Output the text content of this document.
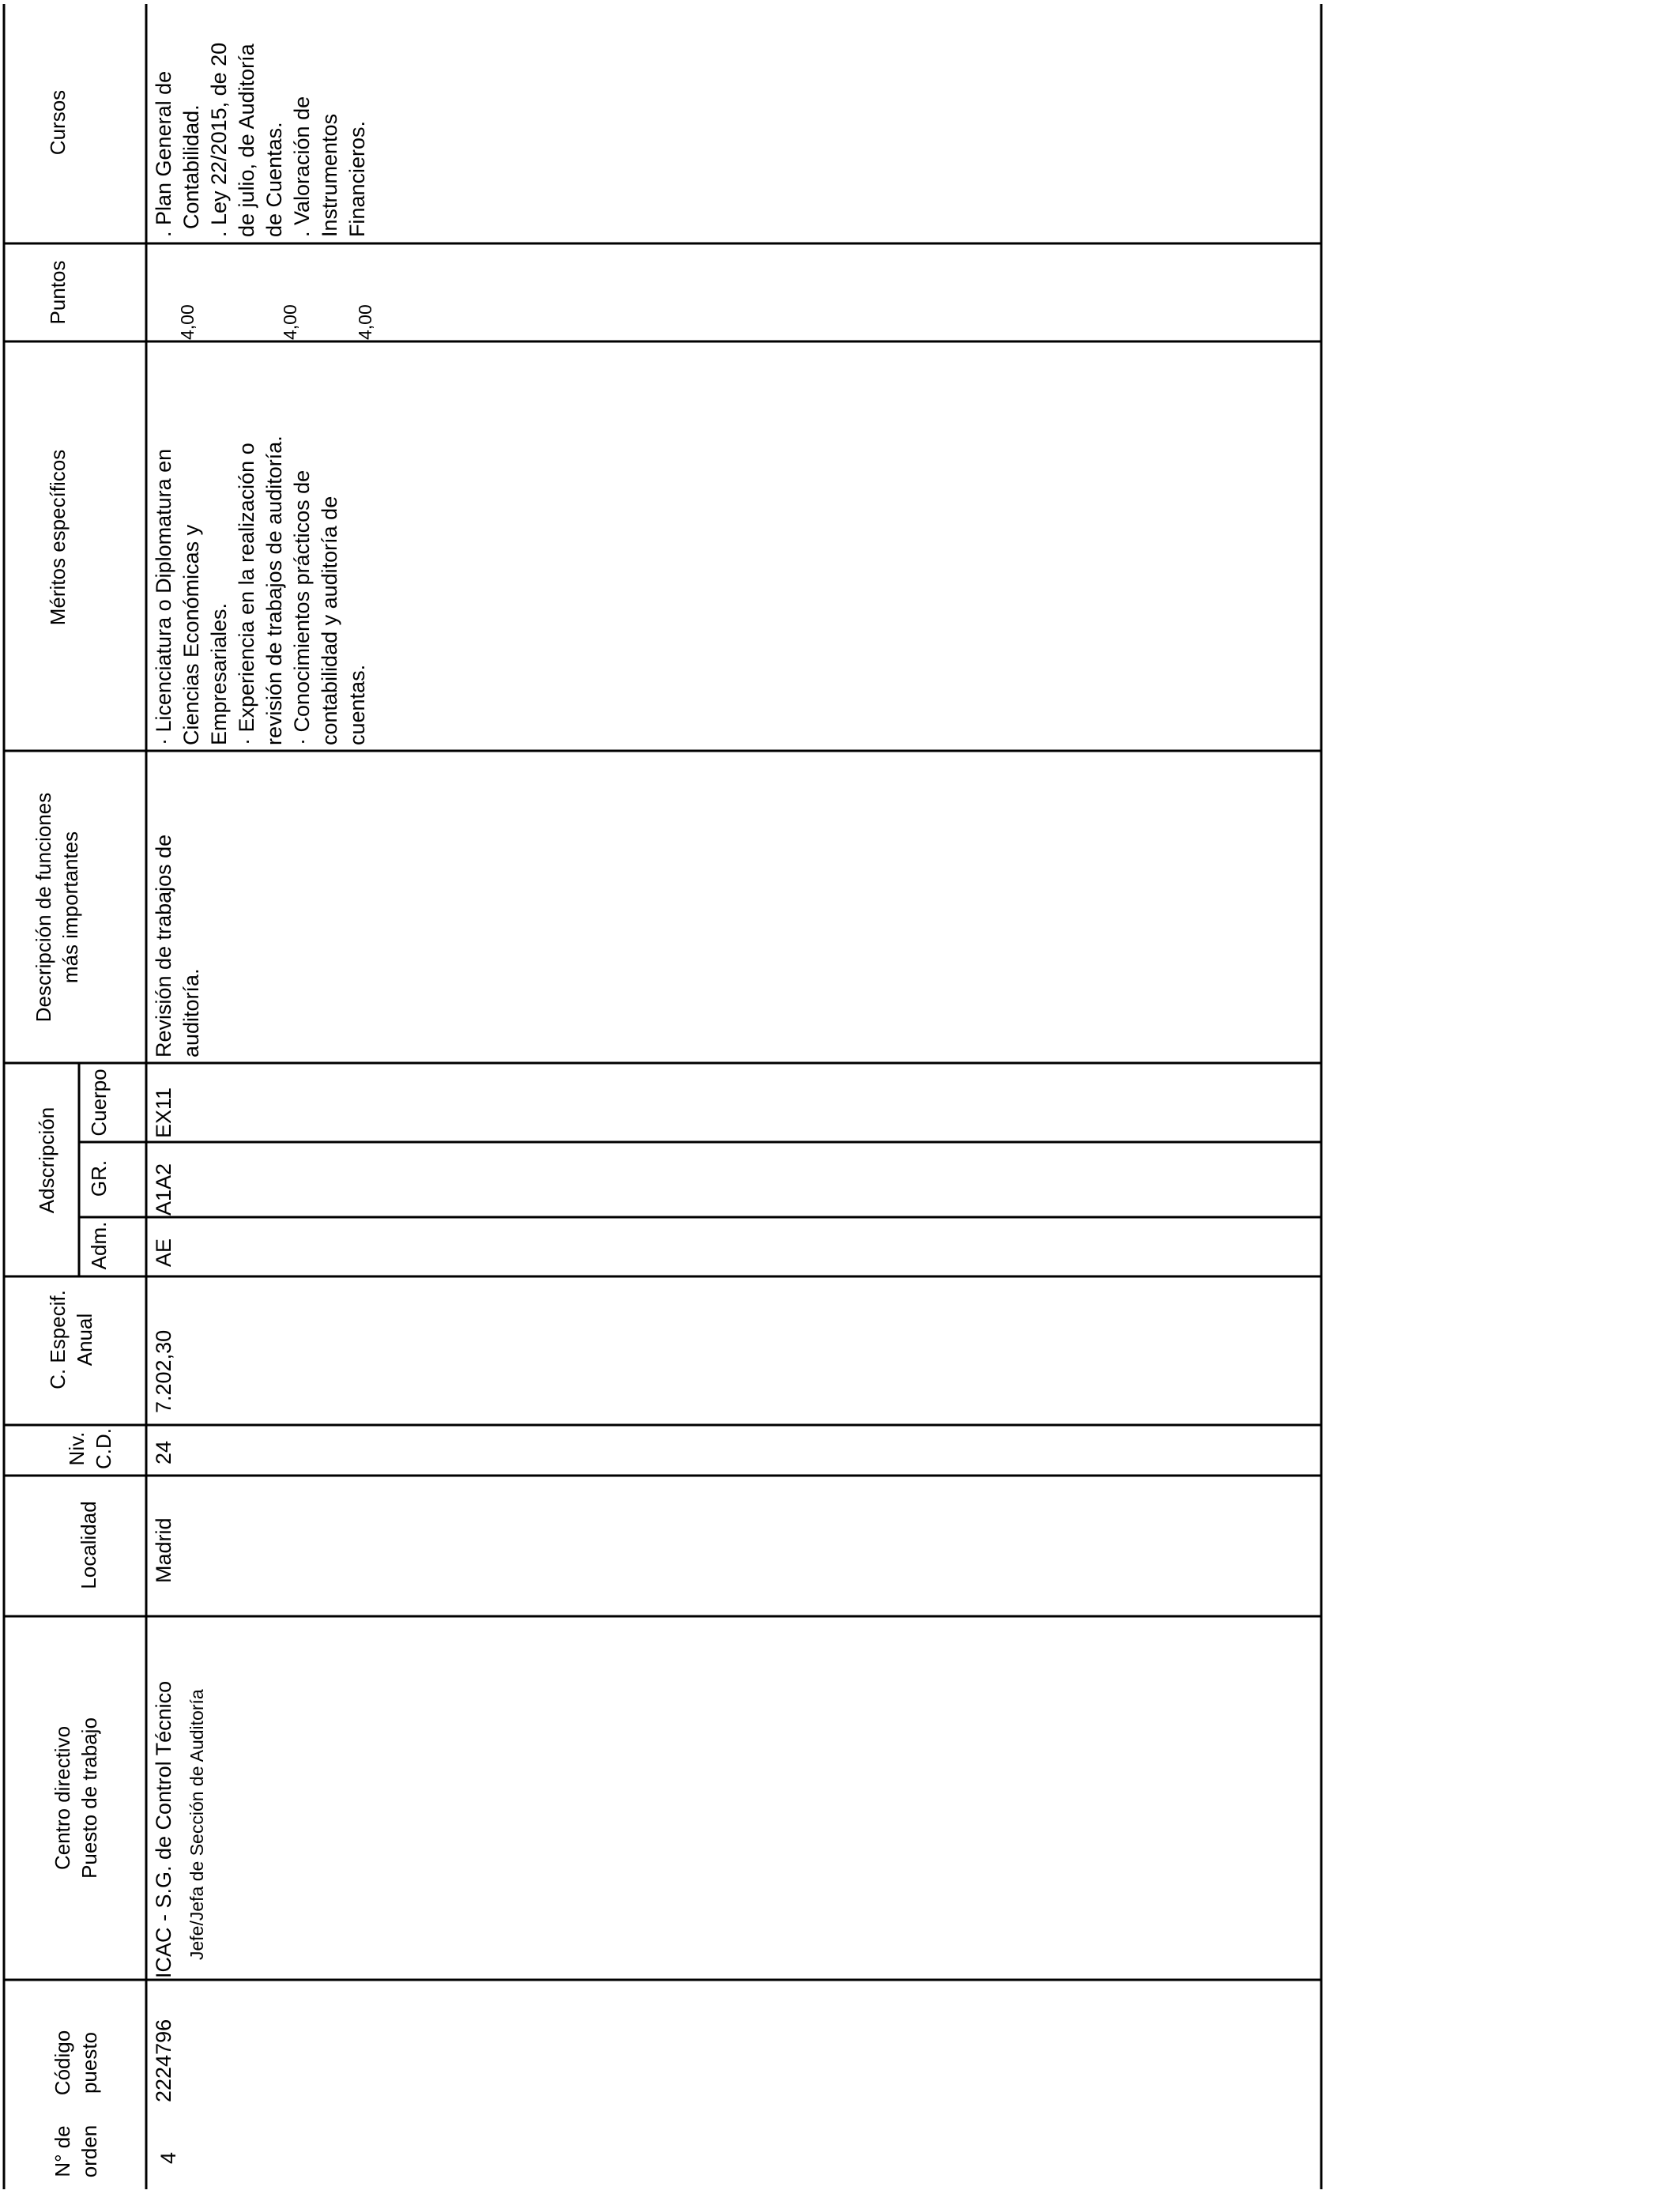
Cursos
Puntos
Méritos específicos
Descripción de funciones más importantes
Adscripción
Cuerpo
GR.
Adm.
C. Especif. Anual
Niv. C.D.
Localidad
Centro directivo Puesto de trabajo
Código puesto
N° de orden
. Plan General de Contabilidad. . Ley 22/2015, de 20 de julio, de Auditoría de Cuentas. . Valoración de Instrumentos Financieros.
4,00	4,00	4,00
· Licenciatura o Diplomatura en Ciencias Económicas y Empresariales. · Experiencia en la realización o revisión de trabajos de auditoría. · Conocimientos prácticos de contabilidad y auditoría de cuentas.
Revisión de trabajos de auditoría.
EX11
A1A2
AE
7.202,30
24
Madrid
ICAC - S.G. de Control Técnico Jefe/Jefa de Sección de Auditoría
2224796
4
